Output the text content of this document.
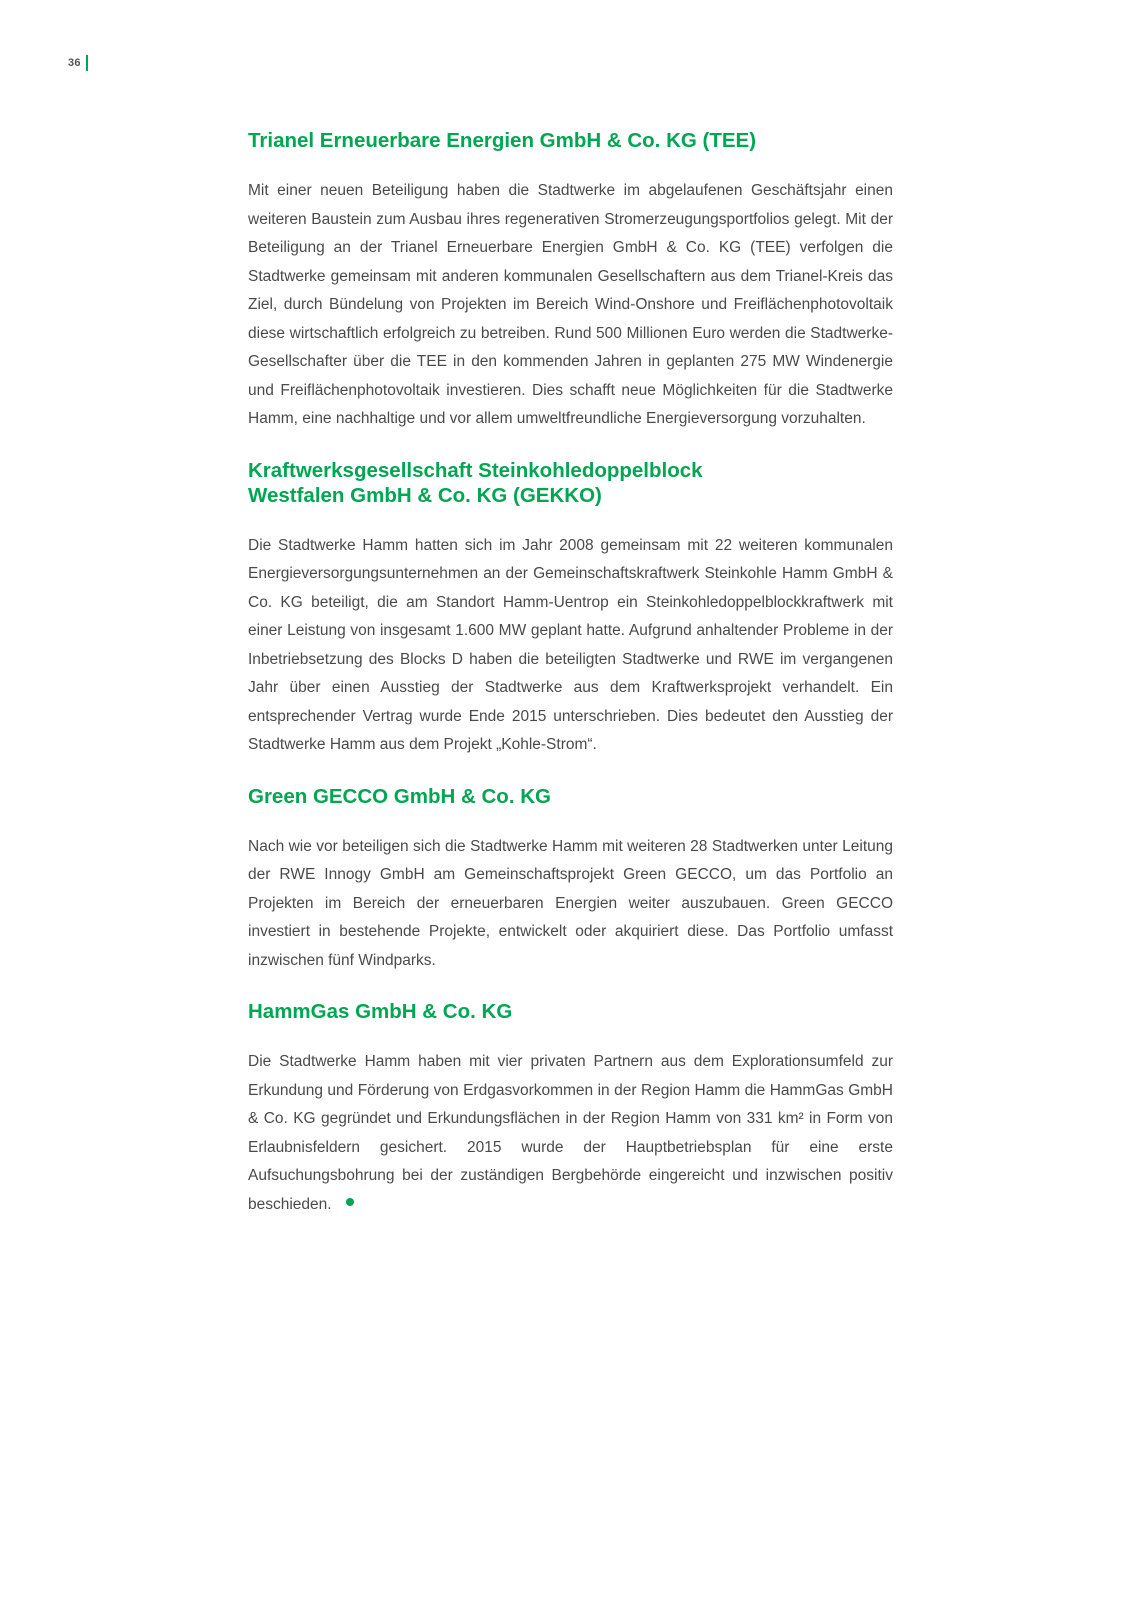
36
Trianel Erneuerbare Energien GmbH & Co. KG (TEE)

Mit einer neuen Beteiligung haben die Stadtwerke im abgelaufenen Geschäftsjahr einen weiteren Baustein zum Ausbau ihres regenerativen Stromerzeugungsportfolios gelegt. Mit der Beteiligung an der Trianel Erneuerbare Energien GmbH & Co. KG (TEE) verfolgen die Stadtwerke gemeinsam mit anderen kommunalen Gesellschaftern aus dem Trianel-Kreis das Ziel, durch Bündelung von Projekten im Bereich Wind-Onshore und Freiflächenphotovoltaik diese wirtschaftlich erfolgreich zu betreiben. Rund 500 Millionen Euro werden die Stadtwerke-Gesellschafter über die TEE in den kommenden Jahren in geplanten 275 MW Windenergie und Freiflächenphotovoltaik investieren. Dies schafft neue Möglichkeiten für die Stadtwerke Hamm, eine nachhaltige und vor allem umweltfreundliche Energieversorgung vorzuhalten.

Kraftwerksgesellschaft Steinkohledoppelblock
Westfalen GmbH & Co. KG (GEKKO)

Die Stadtwerke Hamm hatten sich im Jahr 2008 gemeinsam mit 22 weiteren kommunalen Energieversorgungsunternehmen an der Gemeinschaftskraftwerk Steinkohle Hamm GmbH & Co. KG beteiligt, die am Standort Hamm-Uentrop ein Steinkohledoppelblockkraftwerk mit einer Leistung von insgesamt 1.600 MW geplant hatte. Aufgrund anhaltender Probleme in der Inbetriebsetzung des Blocks D haben die beteiligten Stadtwerke und RWE im vergangenen Jahr über einen Ausstieg der Stadtwerke aus dem Kraftwerksprojekt verhandelt. Ein entsprechender Vertrag wurde Ende 2015 unterschrieben. Dies bedeutet den Ausstieg der Stadtwerke Hamm aus dem Projekt „Kohle-Strom“.

Green GECCO GmbH & Co. KG

Nach wie vor beteiligen sich die Stadtwerke Hamm mit weiteren 28 Stadtwerken unter Leitung der RWE Innogy GmbH am Gemeinschaftsprojekt Green GECCO, um das Portfolio an Projekten im Bereich der erneuerbaren Energien weiter auszubauen. Green GECCO investiert in bestehende Projekte, entwickelt oder akquiriert diese. Das Portfolio umfasst inzwischen fünf Windparks.

HammGas GmbH & Co. KG

Die Stadtwerke Hamm haben mit vier privaten Partnern aus dem Explorationsumfeld zur Erkundung und Förderung von Erdgasvorkommen in der Region Hamm die HammGas GmbH & Co. KG gegründet und Erkundungsflächen in der Region Hamm von 331 km² in Form von Erlaubnisfeldern gesichert. 2015 wurde der Hauptbetriebsplan für eine erste Aufsuchungsbohrung bei der zuständigen Bergbehörde eingereicht und inzwischen positiv beschieden.
